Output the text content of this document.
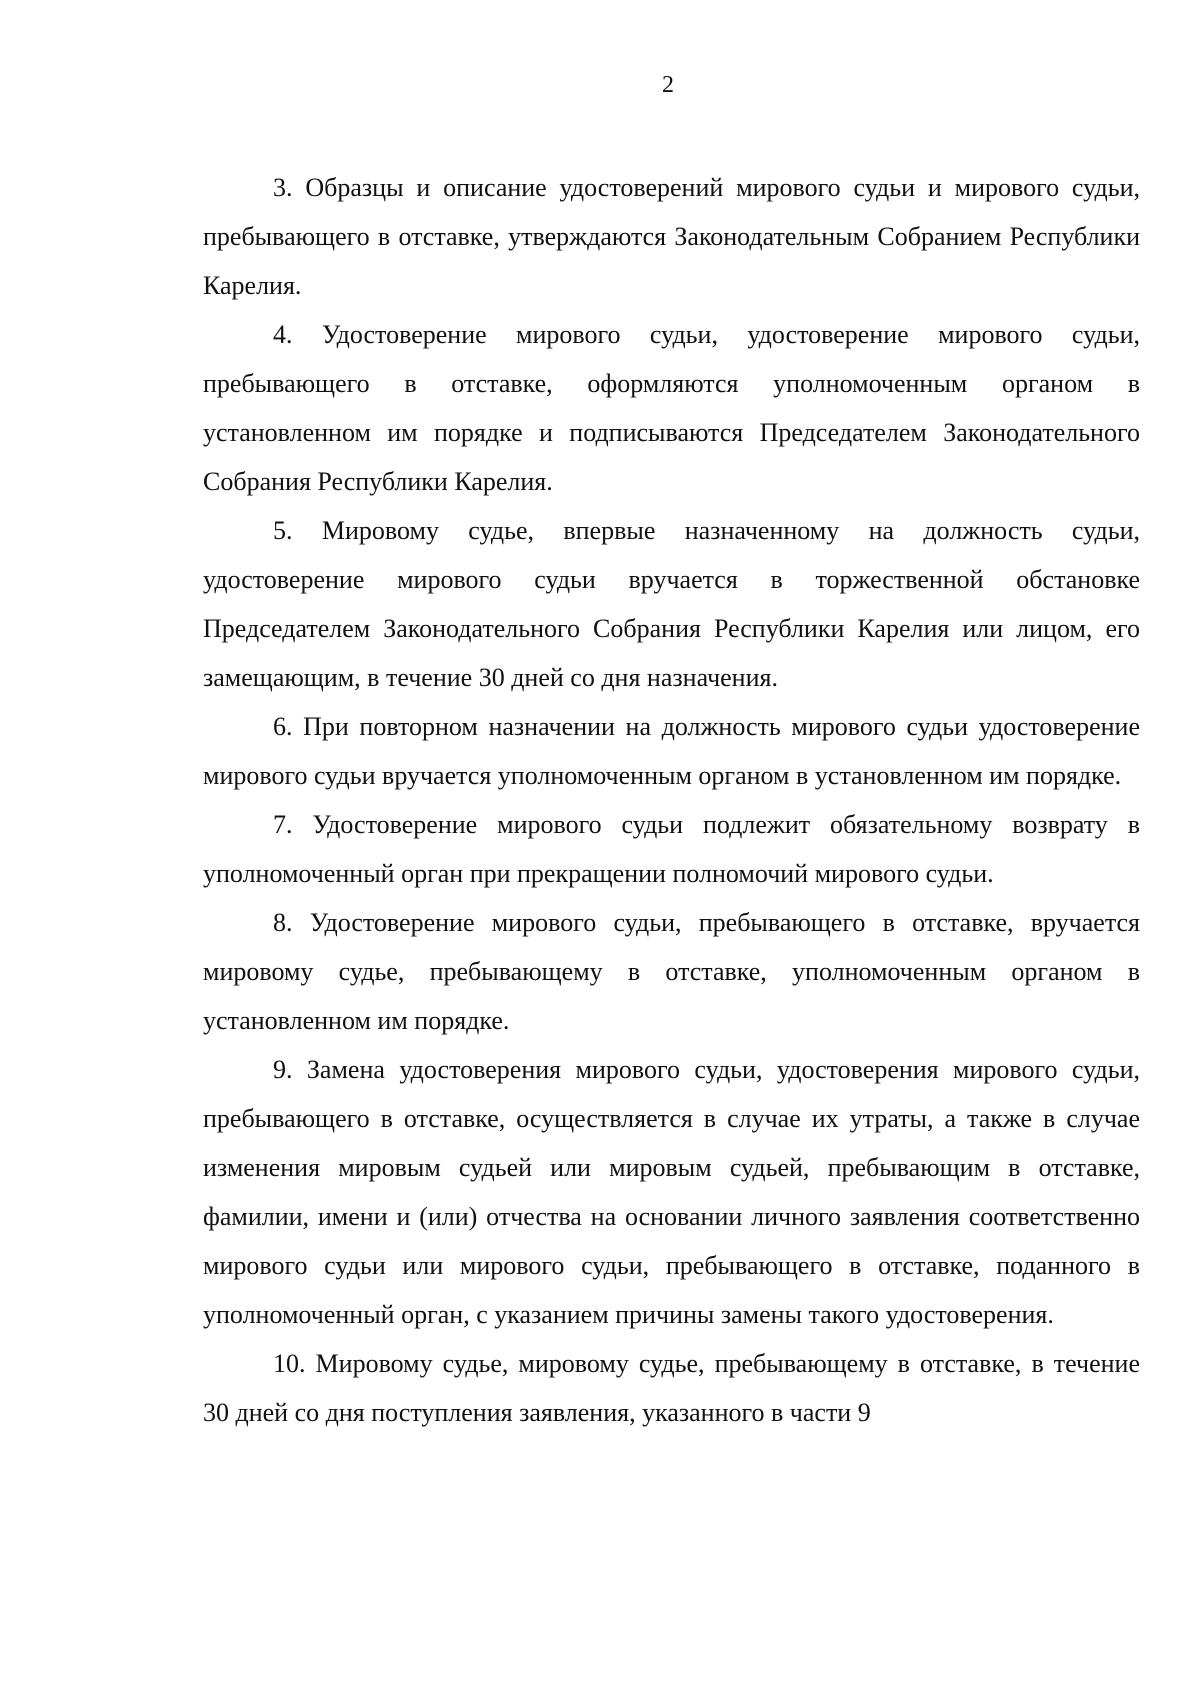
2

3. Образцы и описание удостоверений мирового судьи и мирового судьи, пребывающего в отставке, утверждаются Законодательным Собранием Республики Карелия.

4. Удостоверение мирового судьи, удостоверение мирового судьи, пребывающего в отставке, оформляются уполномоченным органом в установленном им порядке и подписываются Председателем Законодательного Собрания Республики Карелия.

5. Мировому судье, впервые назначенному на должность судьи, удостоверение мирового судьи вручается в торжественной обстановке Председателем Законодательного Собрания Республики Карелия или лицом, его замещающим, в течение 30 дней со дня назначения.

6. При повторном назначении на должность мирового судьи удостоверение мирового судьи вручается уполномоченным органом в установленном им порядке.

7. Удостоверение мирового судьи подлежит обязательному возврату в уполномоченный орган при прекращении полномочий мирового судьи.

8. Удостоверение мирового судьи, пребывающего в отставке, вручается мировому судье, пребывающему в отставке, уполномоченным органом в установленном им порядке.

9. Замена удостоверения мирового судьи, удостоверения мирового судьи, пребывающего в отставке, осуществляется в случае их утраты, а также в случае изменения мировым судьей или мировым судьей, пребывающим в отставке, фамилии, имени и (или) отчества на основании личного заявления соответственно мирового судьи или мирового судьи, пребывающего в отставке, поданного в уполномоченный орган, с указанием причины замены такого удостоверения.

10. Мировому судье, мировому судье, пребывающему в отставке, в течение 30 дней со дня поступления заявления, указанного в части 9
